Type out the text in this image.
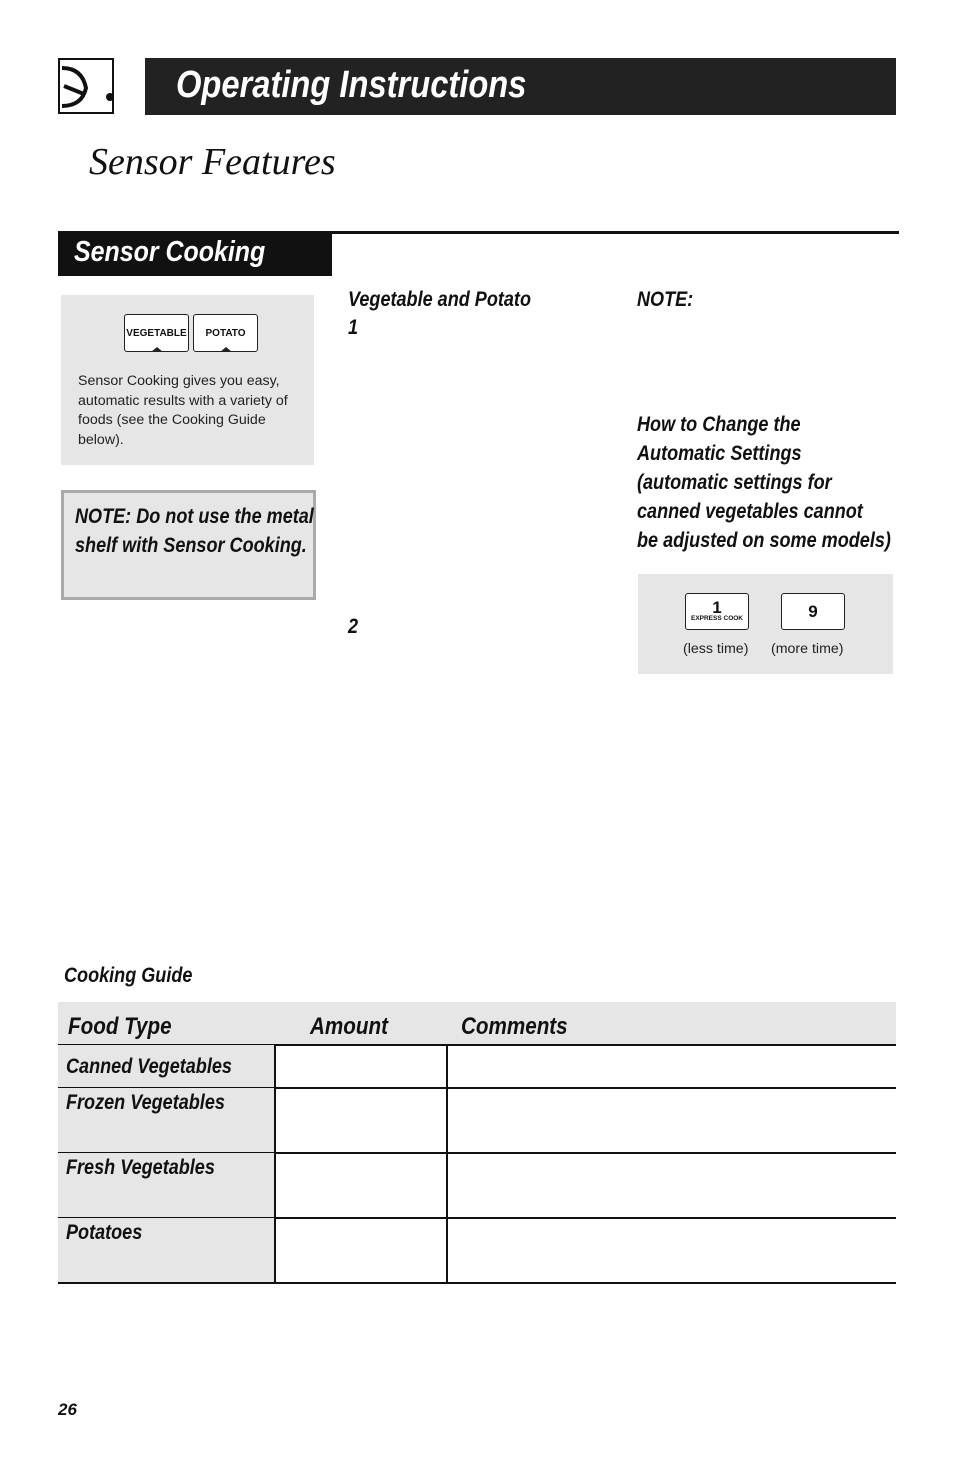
Operating Instructions
Sensor Features
Sensor Cooking
VEGETABLE POTATO
Sensor Cooking gives you easy, automatic results with a variety of foods (see the Cooking Guide below).
NOTE: Do not use the metal shelf with Sensor Cooking.
Vegetable and Potato
1
2
NOTE:
How to Change the
Automatic Settings
(automatic settings for
canned vegetables cannot
be adjusted on some models)
1
EXPRESS COOK	9
(less time) (more time)
Cooking Guide
Food Type	Amount	Comments
Canned Vegetables
Frozen Vegetables
Fresh Vegetables
Potatoes
26
